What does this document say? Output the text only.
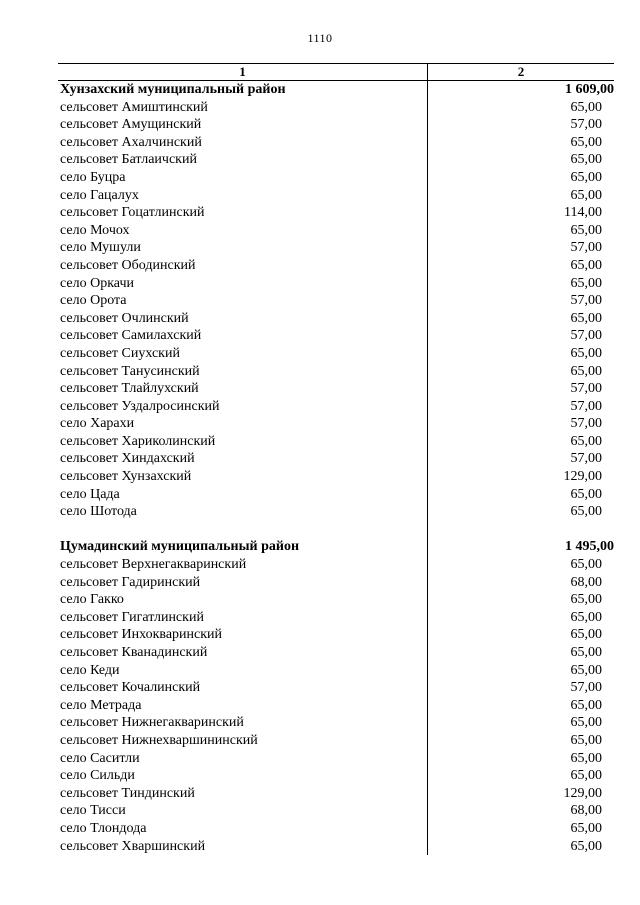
1110
1	2
Хунзахский муниципальный район	1 609,00
сельсовет Амиштинский	65,00
сельсовет Амущинский	57,00
сельсовет Ахалчинский	65,00
сельсовет Батлаичский	65,00
село Буцра	65,00
село Гацалух	65,00
сельсовет Гоцатлинский	114,00
село Мочох	65,00
село Мушули	57,00
сельсовет Ободинский	65,00
село Оркачи	65,00
село Орота	57,00
сельсовет Очлинский	65,00
сельсовет Самилахский	57,00
сельсовет Сиухский	65,00
сельсовет Танусинский	65,00
сельсовет Тлайлухский	57,00
сельсовет Уздалросинский	57,00
село Харахи	57,00
сельсовет Хариколинский	65,00
сельсовет Хиндахский	57,00
сельсовет Хунзахский	129,00
село Цада	65,00
село Шотода	65,00
Цумадинский муниципальный район	1 495,00
сельсовет Верхнегакваринский	65,00
сельсовет Гадиринский	68,00
село Гакко	65,00
сельсовет Гигатлинский	65,00
сельсовет Инхокваринский	65,00
сельсовет Кванадинский	65,00
село Кеди	65,00
сельсовет Кочалинский	57,00
село Метрада	65,00
сельсовет Нижнегакваринский	65,00
сельсовет Нижнехваршининский	65,00
село Саситли	65,00
село Сильди	65,00
сельсовет Тиндинский	129,00
село Тисси	68,00
село Тлондода	65,00
сельсовет Хваршинский	65,00
